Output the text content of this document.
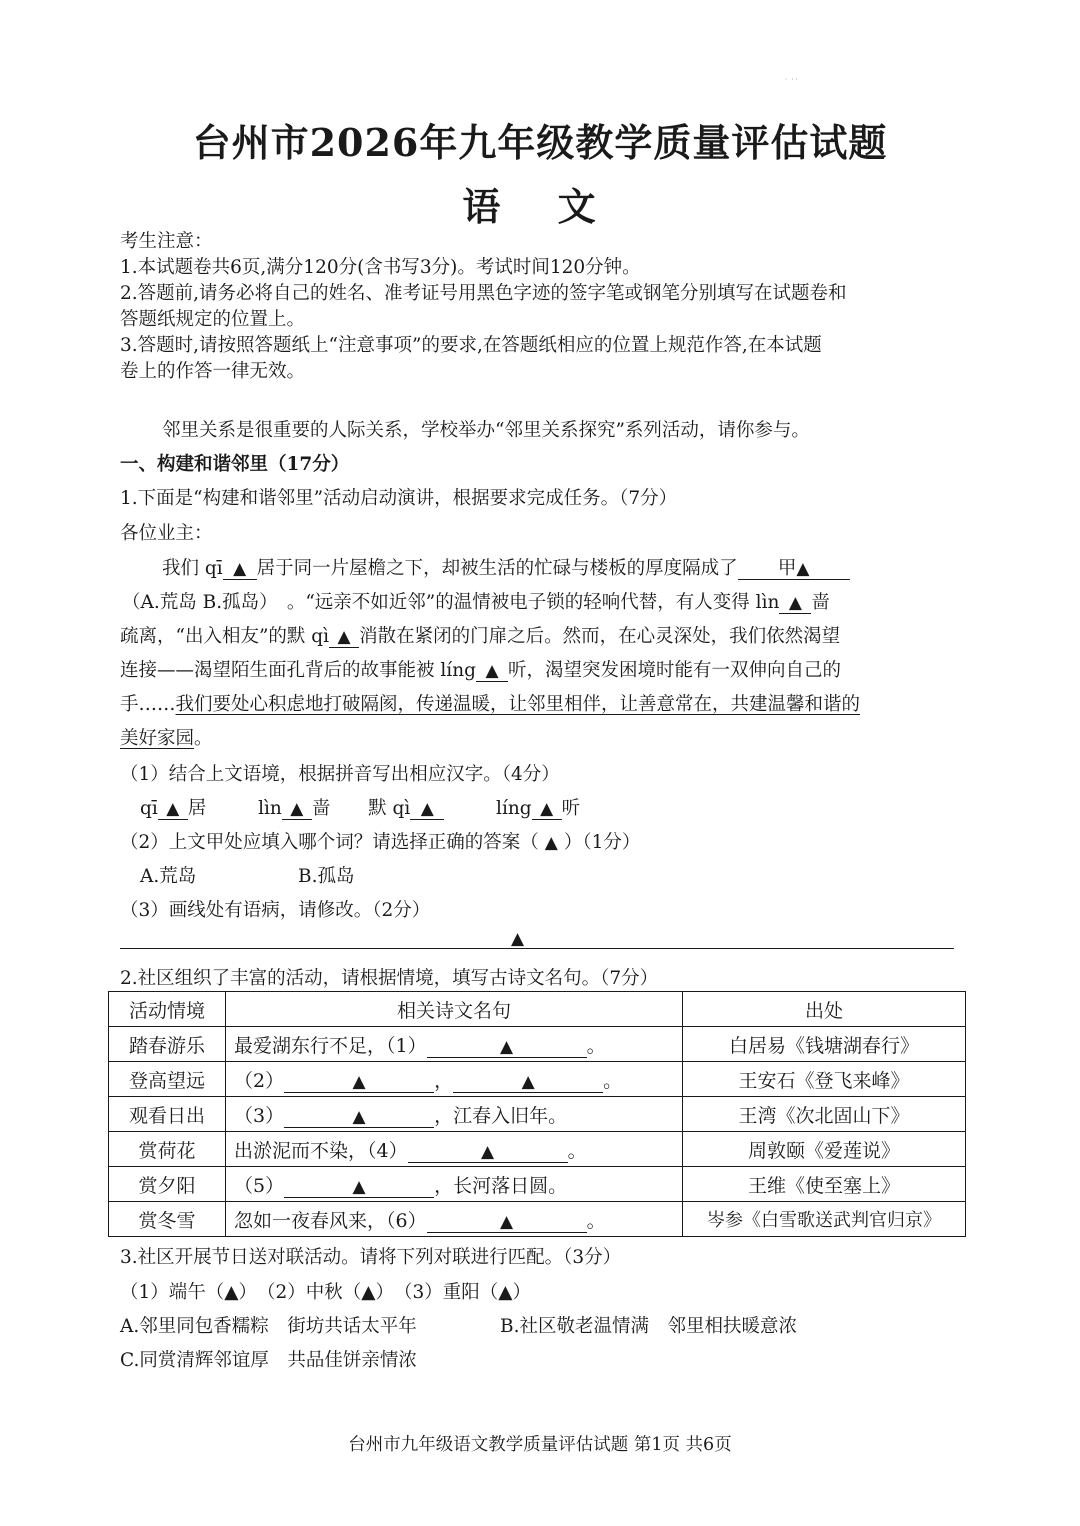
˙ ˙˙
台州市2026年九年级教学质量评估试题
语 文
考生注意：
1.本试题卷共6页,满分120分(含书写3分)。考试时间120分钟。
2.答题前,请务必将自己的姓名、准考证号用黑色字迹的签字笔或钢笔分别填写在试题卷和
答题纸规定的位置上。
3.答题时,请按照答题纸上“注意事项”的要求,在答题纸相应的位置上规范作答,在本试题
卷上的作答一律无效。
邻里关系是很重要的人际关系，学校举办“邻里关系探究”系列活动，请你参与。
一、构建和谐邻里（17分）
1.下面是“构建和谐邻里”活动启动演讲，根据要求完成任务。（7分）
各位业主：
我们 qī ▲ 居于同一片屋檐之下，却被生活的忙碌与楼板的厚度隔成了 甲▲
（A.荒岛 B.孤岛）　。“远亲不如近邻”的温情被电子锁的轻响代替，有人变得 lìn ▲ 啬
疏离，“出入相友”的默 qì ▲ 消散在紧闭的门扉之后。然而，在心灵深处，我们依然渴望
连接——渴望陌生面孔背后的故事能被 líng ▲ 听，渴望突发困境时能有一双伸向自己的
手……我们要处心积虑地打破隔阂，传递温暖，让邻里相伴，让善意常在，共建温馨和谐的
美好家园。
（1）结合上文语境，根据拼音写出相应汉字。（4分）
qī ▲ 居	lìn ▲ 啬 默 qì ▲	líng ▲ 听
（2）上文甲处应填入哪个词？请选择正确的答案（ ▲ ）（1分）
A.荒岛	B.孤岛
（3）画线处有语病，请修改。（2分）
▲
2.社区组织了丰富的活动，请根据情境，填写古诗文名句。（7分）
活动情境	相关诗文名句	出处
踏春游乐	最爱湖东行不足，（1） ▲ 。	白居易《钱塘湖春行》
登高望远	（2） ▲ ， ▲ 。	王安石《登飞来峰》
观看日出	（3） ▲ ，江春入旧年。	王湾《次北固山下》
赏荷花	出淤泥而不染，（4） ▲ 。	周敦颐《爱莲说》
赏夕阳	（5） ▲ ，长河落日圆。	王维《使至塞上》
赏冬雪	忽如一夜春风来，（6） ▲ 。	岑参《白雪歌送武判官归京》
3.社区开展节日送对联活动。请将下列对联进行匹配。（3分）
（1）端午（▲）　（2）中秋（▲）　（3）重阳（▲）
A.邻里同包香糯粽　街坊共话太平年	B.社区敬老温情满　邻里相扶暖意浓
C.同赏清辉邻谊厚　共品佳饼亲情浓
台州市九年级语文教学质量评估试题 第1页 共6页
